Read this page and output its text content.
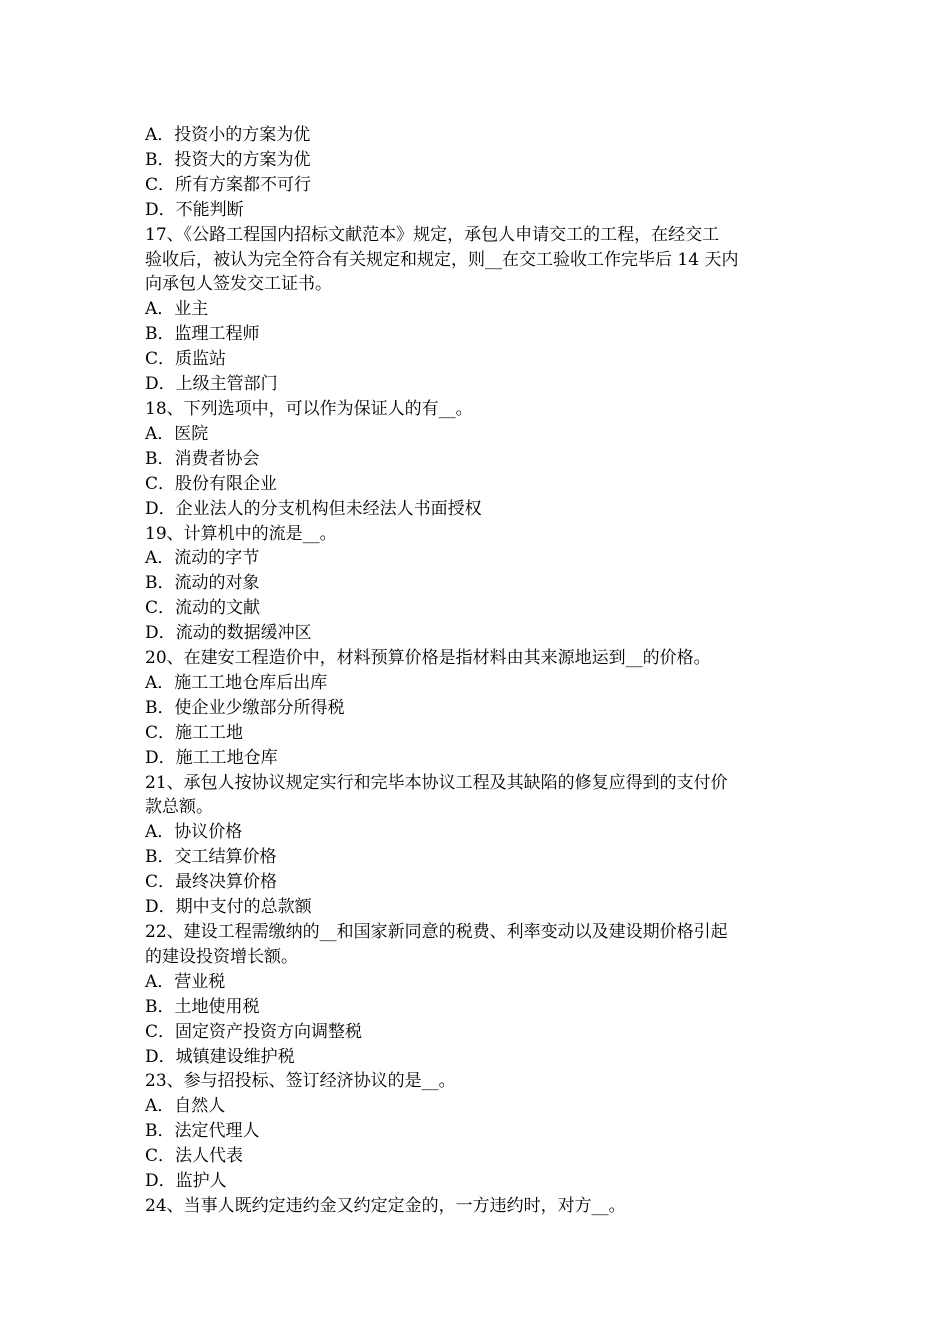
A．投资小的方案为优

B．投资大的方案为优

C．所有方案都不可行

D．不能判断

17、《公路工程国内招标文献范本》规定，承包人申请交工的工程，在经交工

验收后，被认为完全符合有关规定和规定，则__在交工验收工作完毕后 14 天内

向承包人签发交工证书。

A．业主

B．监理工程师

C．质监站

D．上级主管部门

18、下列选项中，可以作为保证人的有__。

A．医院

B．消费者协会

C．股份有限企业

D．企业法人的分支机构但未经法人书面授权

19、计算机中的流是__。

A．流动的字节

B．流动的对象

C．流动的文献

D．流动的数据缓冲区

20、在建安工程造价中，材料预算价格是指材料由其来源地运到__的价格。

A．施工工地仓库后出库

B．使企业少缴部分所得税

C．施工工地

D．施工工地仓库

21、承包人按协议规定实行和完毕本协议工程及其缺陷的修复应得到的支付价

款总额。

A．协议价格

B．交工结算价格

C．最终决算价格

D．期中支付的总款额

22、建设工程需缴纳的__和国家新同意的税费、利率变动以及建设期价格引起

的建设投资增长额。

A．营业税

B．土地使用税

C．固定资产投资方向调整税

D．城镇建设维护税

23、参与招投标、签订经济协议的是__。

A．自然人

B．法定代理人

C．法人代表

D．监护人

24、当事人既约定违约金又约定定金的，一方违约时，对方__。
